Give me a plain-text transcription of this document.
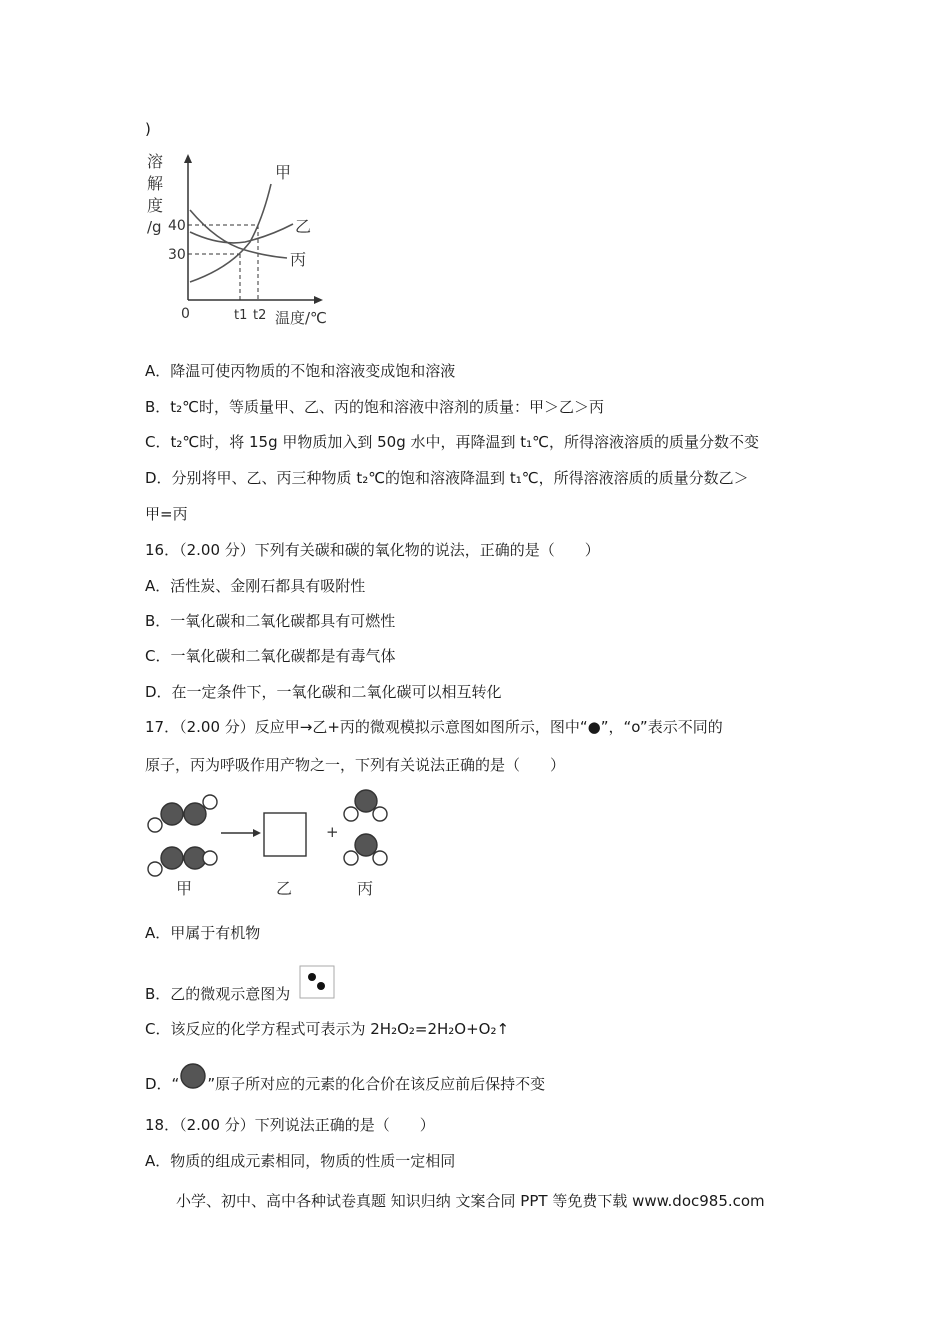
)
溶
解
度
/g 40
30
0
甲
乙
丙
t1 t2 温度/℃
A．降温可使丙物质的不饱和溶液变成饱和溶液
B．t₂℃时，等质量甲、乙、丙的饱和溶液中溶剂的质量：甲＞乙＞丙
C．t₂℃时，将 15g 甲物质加入到 50g 水中，再降温到 t₁℃，所得溶液溶质的质量分数不变
D．分别将甲、乙、丙三种物质 t₂℃的饱和溶液降温到 t₁℃，所得溶液溶质的质量分数乙＞
甲=丙
16．（2.00 分）下列有关碳和碳的氧化物的说法，正确的是（　　）
A．活性炭、金刚石都具有吸附性
B．一氧化碳和二氧化碳都具有可燃性
C．一氧化碳和二氧化碳都是有毒气体
D．在一定条件下，一氧化碳和二氧化碳可以相互转化
17．（2.00 分）反应甲→乙+丙的微观模拟示意图如图所示，图中“●”，“o”表示不同的
原子，丙为呼吸作用产物之一，下列有关说法正确的是（　　）
+
甲	乙	丙
A．甲属于有机物
B．乙的微观示意图为
C．该反应的化学方程式可表示为 2H₂O₂=2H₂O+O₂↑
D．“ ”原子所对应的元素的化合价在该反应前后保持不变
18．（2.00 分）下列说法正确的是（　　）
A．物质的组成元素相同，物质的性质一定相同
小学、初中、高中各种试卷真题 知识归纳 文案合同 PPT 等免费下载 www.doc985.com
